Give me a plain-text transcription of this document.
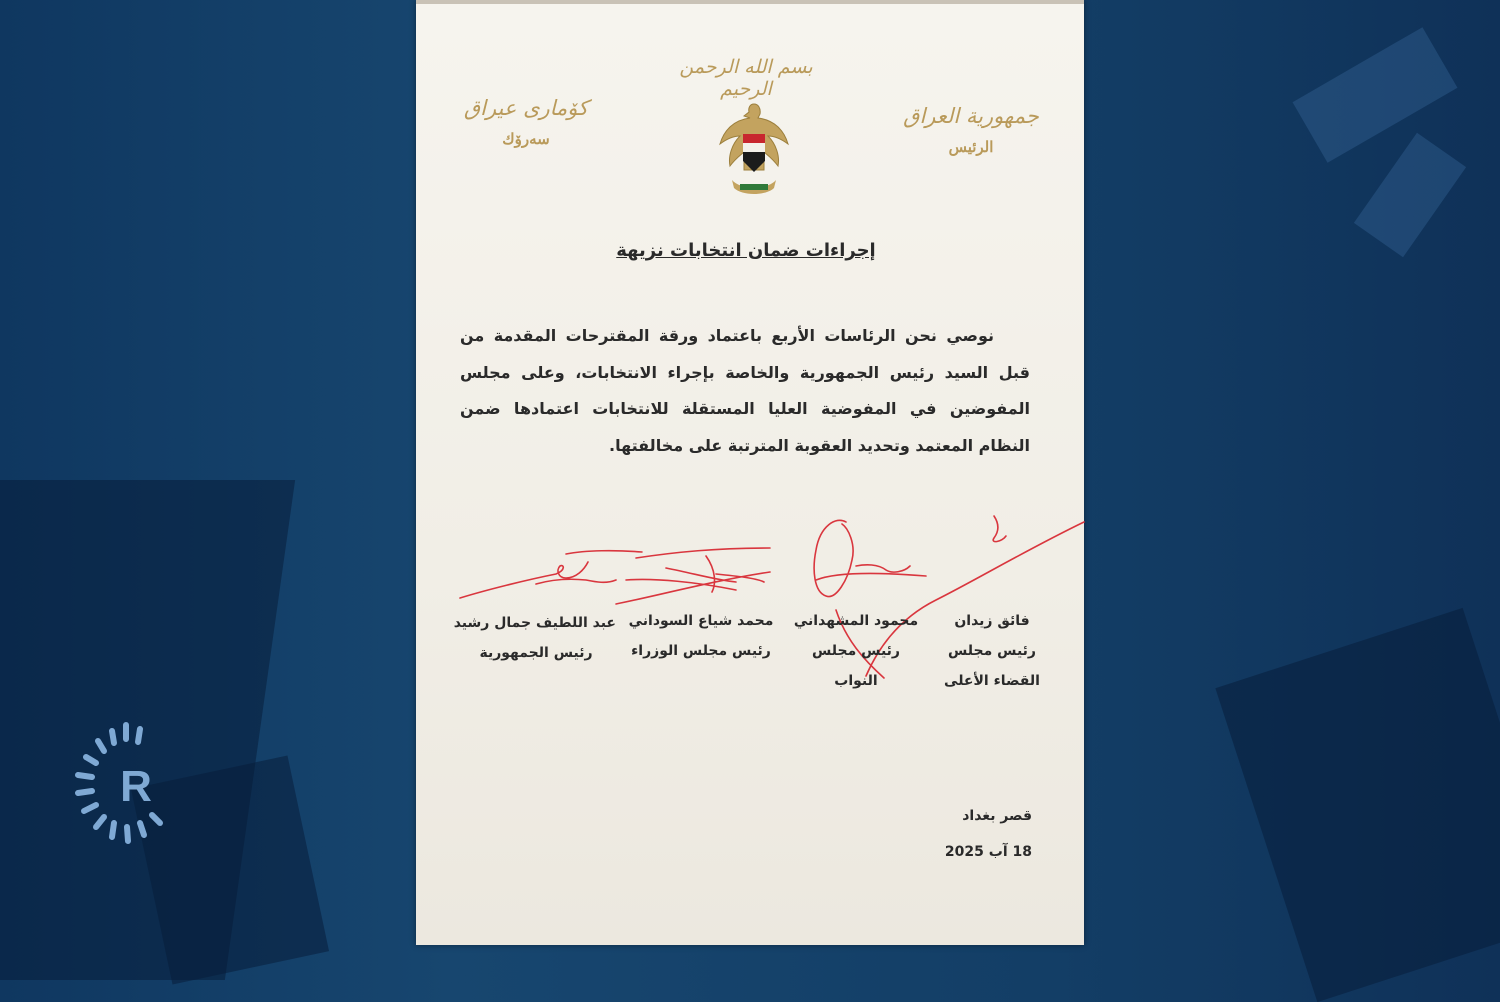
R
بسم الله الرحمن الرحيم
کۆماری عیراق
سەرۆك
جمهورية العراق
الرئيس
إجراءات ضمان انتخابات نزيهة
نوصي نحن الرئاسات الأربع باعتماد ورقة المقترحات المقدمة من قبل السيد رئيس الجمهورية والخاصة بإجراء الانتخابات، وعلى مجلس المفوضين في المفوضية العليا المستقلة للانتخابات اعتمادها ضمن النظام المعتمد وتحديد العقوبة المترتبة على مخالفتها.
فائق زيدان
رئيس مجلس
القضاء الأعلى
محمود المشهداني
رئيس مجلس النواب
محمد شياع السوداني
رئيس مجلس الوزراء
عبد اللطيف جمال رشيد
رئيس الجمهورية
قصر بغداد
18 آب 2025
